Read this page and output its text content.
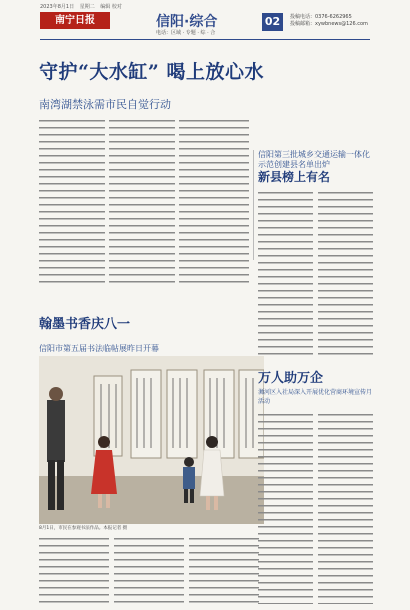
2023年8月1日 星期二 编辑 校对
南宁日报	信阳·综合
电话：区域 · 专题 · 综 · 合
02	投稿电话：0376-6262965
投稿邮箱：xywbnews@126.com
守护“大水缸” 喝上放心水
南湾湖禁泳需市民自觉行动
信阳第三批城乡交通运输一体化示范创建县名单出炉
新县榜上有名
翰墨书香庆八一
信阳市第五届书法临帖展昨日开幕
8月1日，市民在参观书法作品。本报记者 摄
万人助万企
浉河区入社局深入开展优化营商环境宣传月活动
